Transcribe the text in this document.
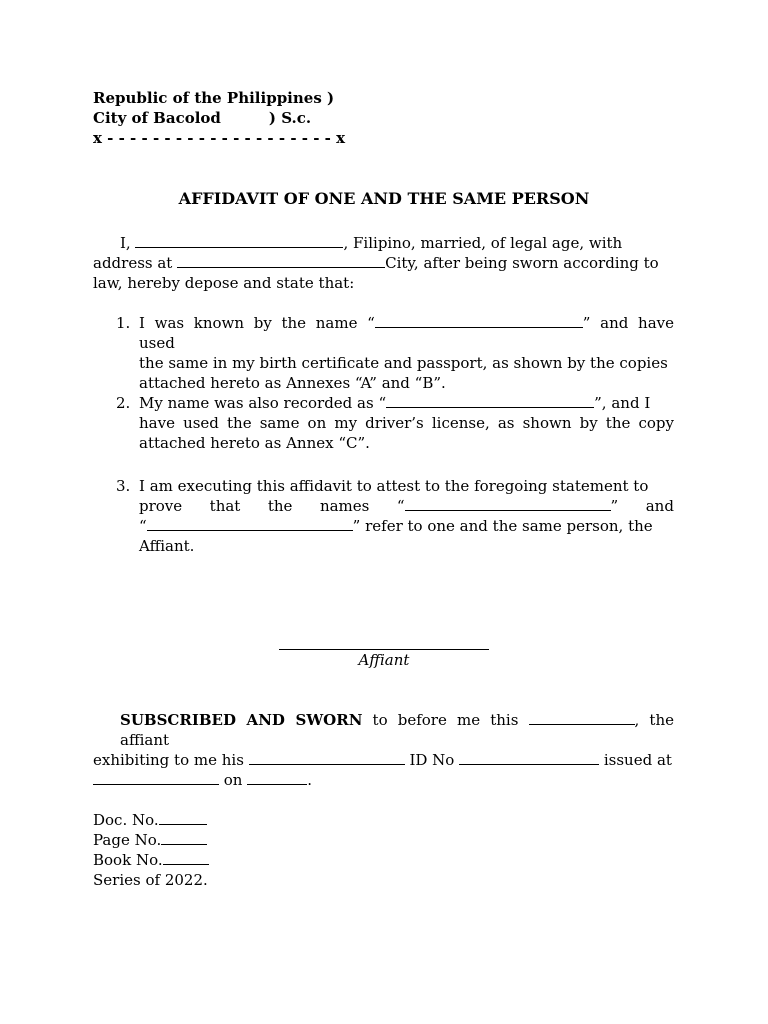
Republic of the Philippines )
City of Bacolod	) S.c.
x - - - - - - - - - - - - - - - - - - - - x
AFFIDAVIT OF ONE AND THE SAME PERSON
I,	, Filipino, married, of legal age, with
address at	City, after being sworn according to
law, hereby depose and state that:
1. I was known by the name “	” and have used
the same in my birth certificate and passport, as shown by the copies
attached hereto as Annexes “A” and “B”.
2. My name was also recorded as “	”, and I
have used the same on my driver’s license, as shown by the copy
attached hereto as Annex “C”.
3. I am executing this affidavit to attest to the foregoing statement to
prove that the names “	” and
“	” refer to one and the same person, the
Affiant.
Affiant
SUBSCRIBED AND SWORN to before me this	, the affiant
exhibiting to me his	ID No	issued at
on	.
Doc. No.
Page No.
Book No.
Series of 2022.
